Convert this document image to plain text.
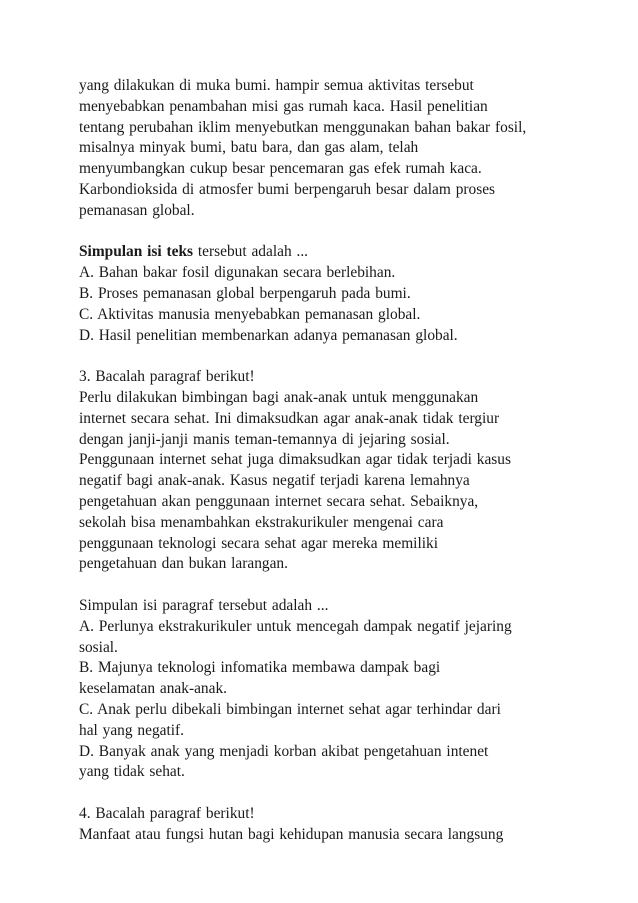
yang dilakukan di muka bumi. hampir semua aktivitas tersebut
menyebabkan penambahan misi gas rumah kaca. Hasil penelitian
tentang perubahan iklim menyebutkan menggunakan bahan bakar fosil,
misalnya minyak bumi, batu bara, dan gas alam, telah
menyumbangkan cukup besar pencemaran gas efek rumah kaca.
Karbondioksida di atmosfer bumi berpengaruh besar dalam proses
pemanasan global.
Simpulan isi teks tersebut adalah ...
A. Bahan bakar fosil digunakan secara berlebihan.
B. Proses pemanasan global berpengaruh pada bumi.
C. Aktivitas manusia menyebabkan pemanasan global.
D. Hasil penelitian membenarkan adanya pemanasan global.
3. Bacalah paragraf berikut!
Perlu dilakukan bimbingan bagi anak-anak untuk menggunakan
internet secara sehat. Ini dimaksudkan agar anak-anak tidak tergiur
dengan janji-janji manis teman-temannya di jejaring sosial.
Penggunaan internet sehat juga dimaksudkan agar tidak terjadi kasus
negatif bagi anak-anak. Kasus negatif terjadi karena lemahnya
pengetahuan akan penggunaan internet secara sehat. Sebaiknya,
sekolah bisa menambahkan ekstrakurikuler mengenai cara
penggunaan teknologi secara sehat agar mereka memiliki
pengetahuan dan bukan larangan.
Simpulan isi paragraf tersebut adalah ...
A. Perlunya ekstrakurikuler untuk mencegah dampak negatif jejaring
sosial.
B. Majunya teknologi infomatika membawa dampak bagi
keselamatan anak-anak.
C. Anak perlu dibekali bimbingan internet sehat agar terhindar dari
hal yang negatif.
D. Banyak anak yang menjadi korban akibat pengetahuan intenet
yang tidak sehat.
4. Bacalah paragraf berikut!
Manfaat atau fungsi hutan bagi kehidupan manusia secara langsung
